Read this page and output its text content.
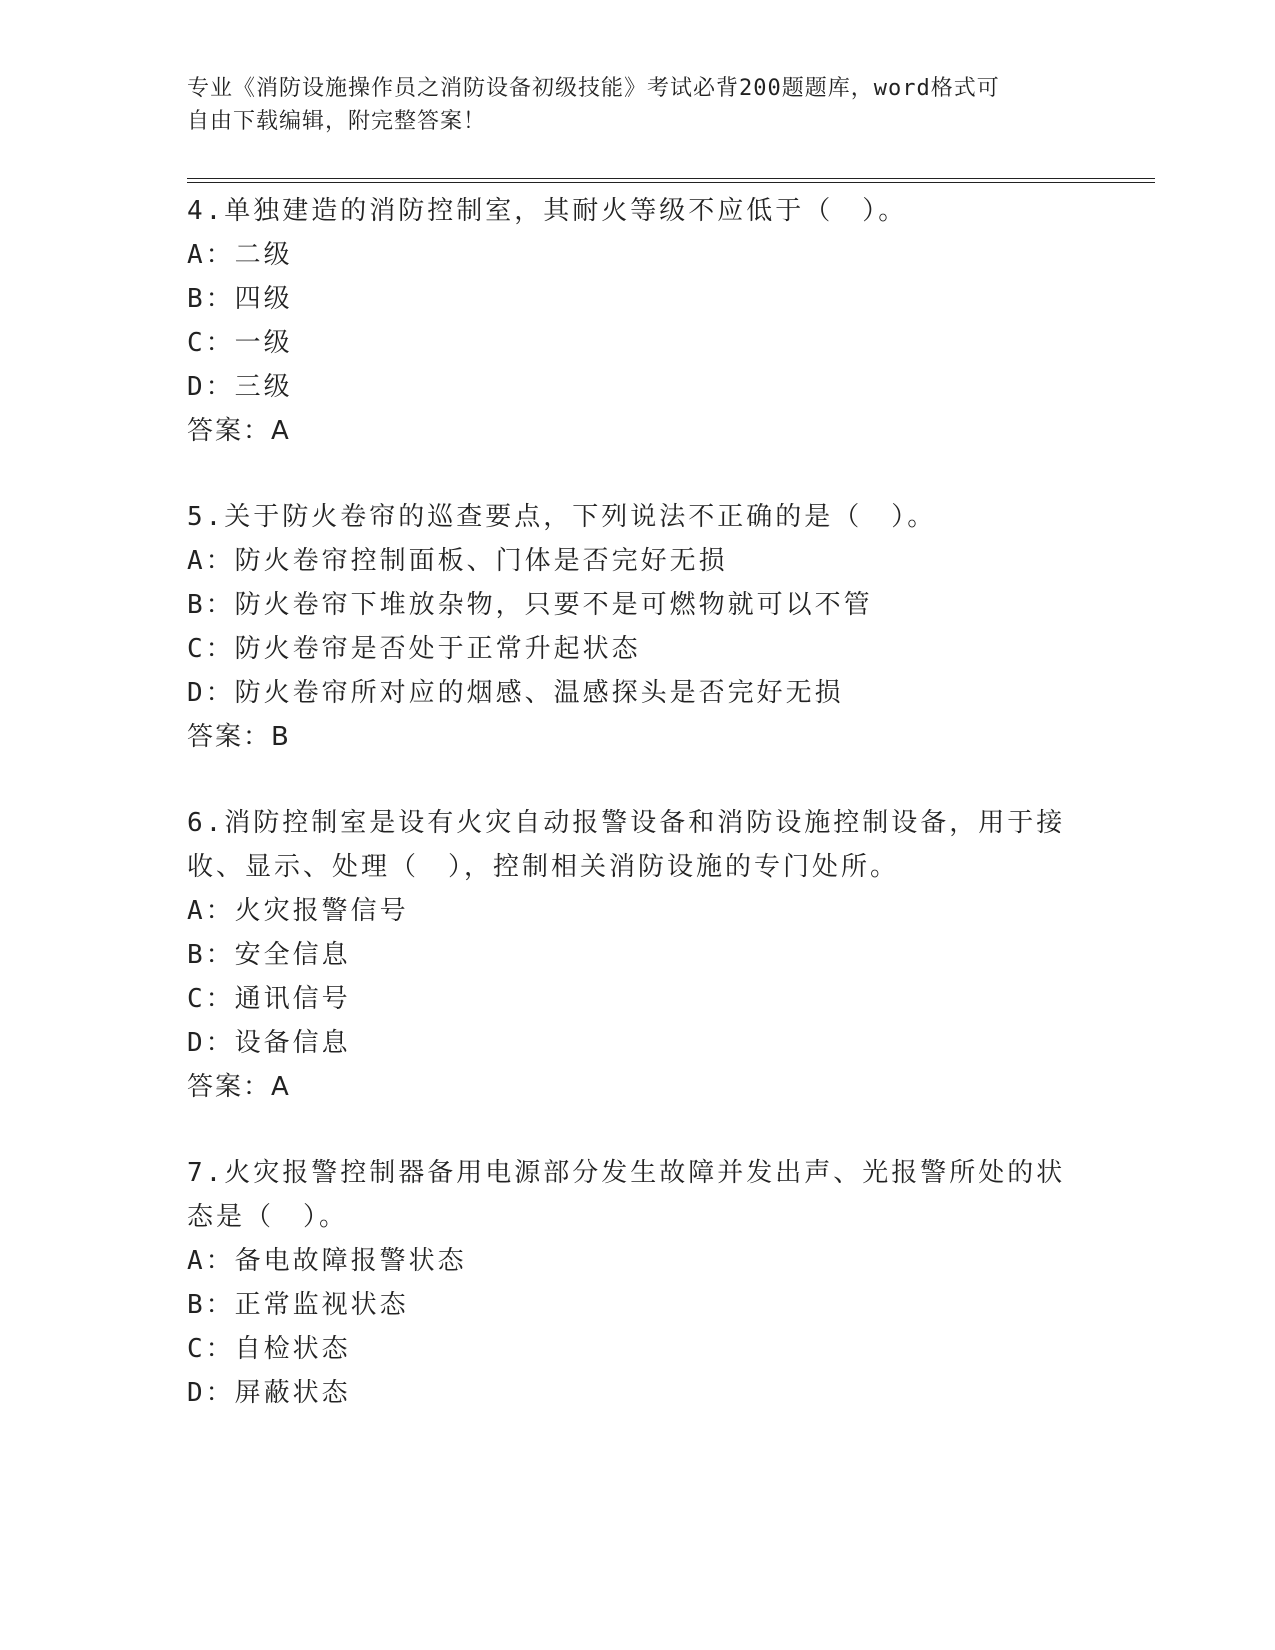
专业《消防设施操作员之消防设备初级技能》考试必背200题题库，word格式可
自由下载编辑，附完整答案！
4.单独建造的消防控制室，其耐火等级不应低于（　）。
A：二级
B：四级
C：一级
D：三级
答案：A
5.关于防火卷帘的巡查要点，下列说法不正确的是（　）。
A：防火卷帘控制面板、门体是否完好无损
B：防火卷帘下堆放杂物，只要不是可燃物就可以不管
C：防火卷帘是否处于正常升起状态
D：防火卷帘所对应的烟感、温感探头是否完好无损
答案：B
6.消防控制室是设有火灾自动报警设备和消防设施控制设备，用于接
收、显示、处理（　），控制相关消防设施的专门处所。
A：火灾报警信号
B：安全信息
C：通讯信号
D：设备信息
答案：A
7.火灾报警控制器备用电源部分发生故障并发出声、光报警所处的状
态是（　）。
A：备电故障报警状态
B：正常监视状态
C：自检状态
D：屏蔽状态
